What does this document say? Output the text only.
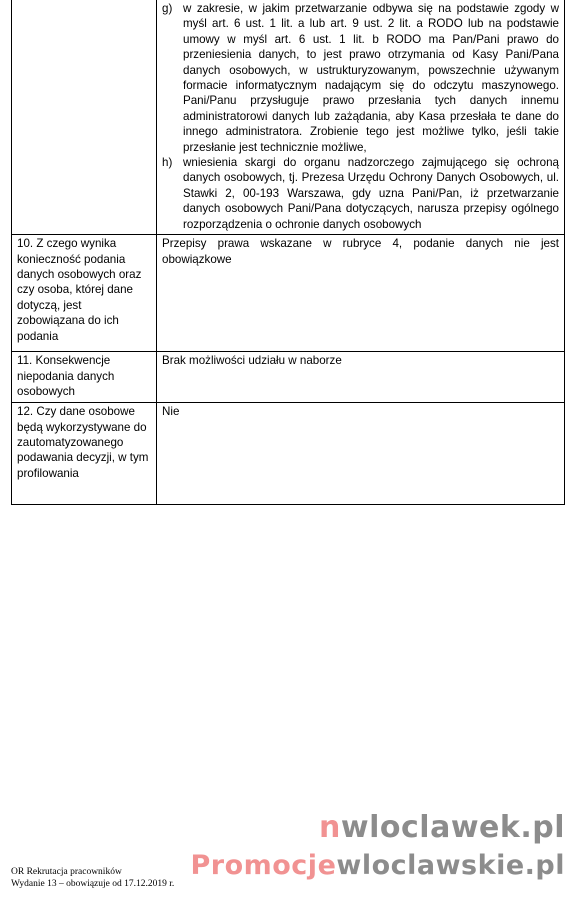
	g) w zakresie, w jakim przetwarzanie odbywa się na podstawie zgody w myśl art. 6 ust. 1 lit. a lub art. 9 ust. 2 lit. a RODO lub na podstawie umowy w myśl art. 6 ust. 1 lit. b RODO ma Pan/Pani prawo do przeniesienia danych, to jest prawo otrzymania od Kasy Pani/Pana danych osobowych, w ustrukturyzowanym, powszechnie używanym formacie informatycznym nadającym się do odczytu maszynowego. Pani/Panu przysługuje prawo przesłania tych danych innemu administratorowi danych lub zażądania, aby Kasa przesłała te dane do innego administratora. Zrobienie tego jest możliwe tylko, jeśli takie przesłanie jest technicznie możliwe,
h) wniesienia skargi do organu nadzorczego zajmującego się ochroną danych osobowych, tj. Prezesa Urzędu Ochrony Danych Osobowych, ul. Stawki 2, 00-193 Warszawa, gdy uzna Pani/Pan, iż przetwarzanie danych osobowych Pani/Pana dotyczących, narusza przepisy ogólnego rozporządzenia o ochronie danych osobowych

10. Z czego wynika konieczność podania danych osobowych oraz czy osoba, której dane dotyczą, jest zobowiązana do ich podania	Przepisy prawa wskazane w rubryce 4, podanie danych nie jest obowiązkowe
11. Konsekwencje niepodania danych osobowych	Brak możliwości udziału w naborze
12. Czy dane osobowe będą wykorzystywane do zautomatyzowanego podawania decyzji, w tym profilowania	Nie
nwloclawek.pl
Promocjewloclawskie.pl
OR Rekrutacja pracowników
Wydanie 13 – obowiązuje od 17.12.2019 r.
